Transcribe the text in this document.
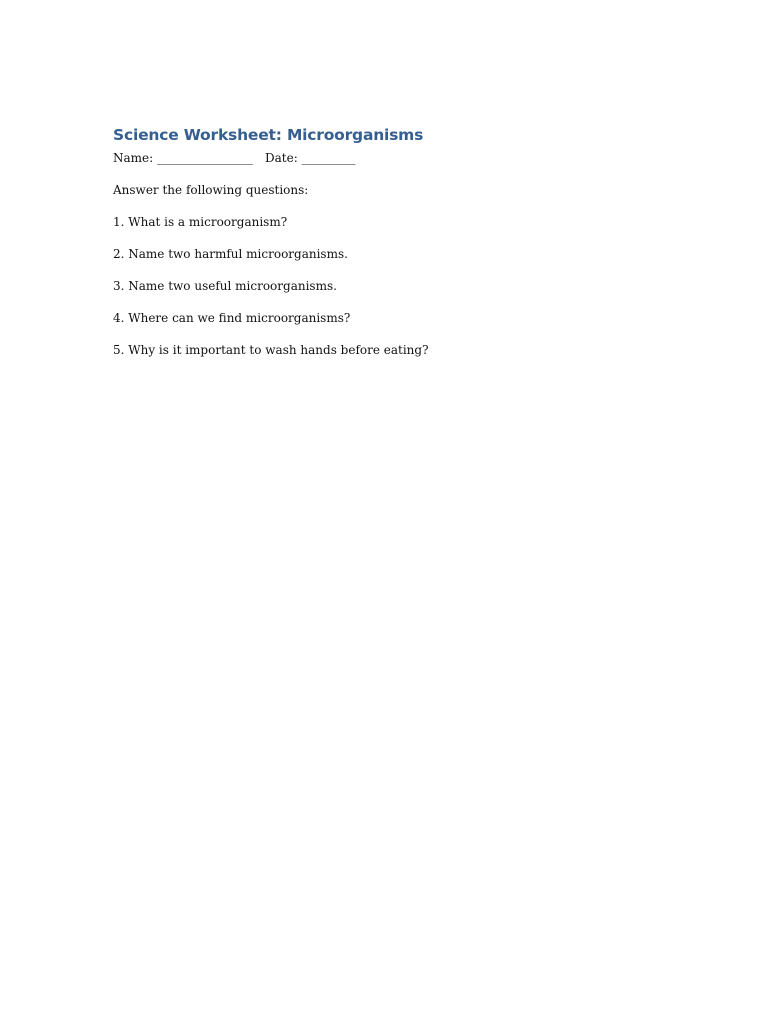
Science Worksheet: Microorganisms

Name: ________________ Date: _________

Answer the following questions:

1. What is a microorganism?

2. Name two harmful microorganisms.

3. Name two useful microorganisms.

4. Where can we find microorganisms?

5. Why is it important to wash hands before eating?
